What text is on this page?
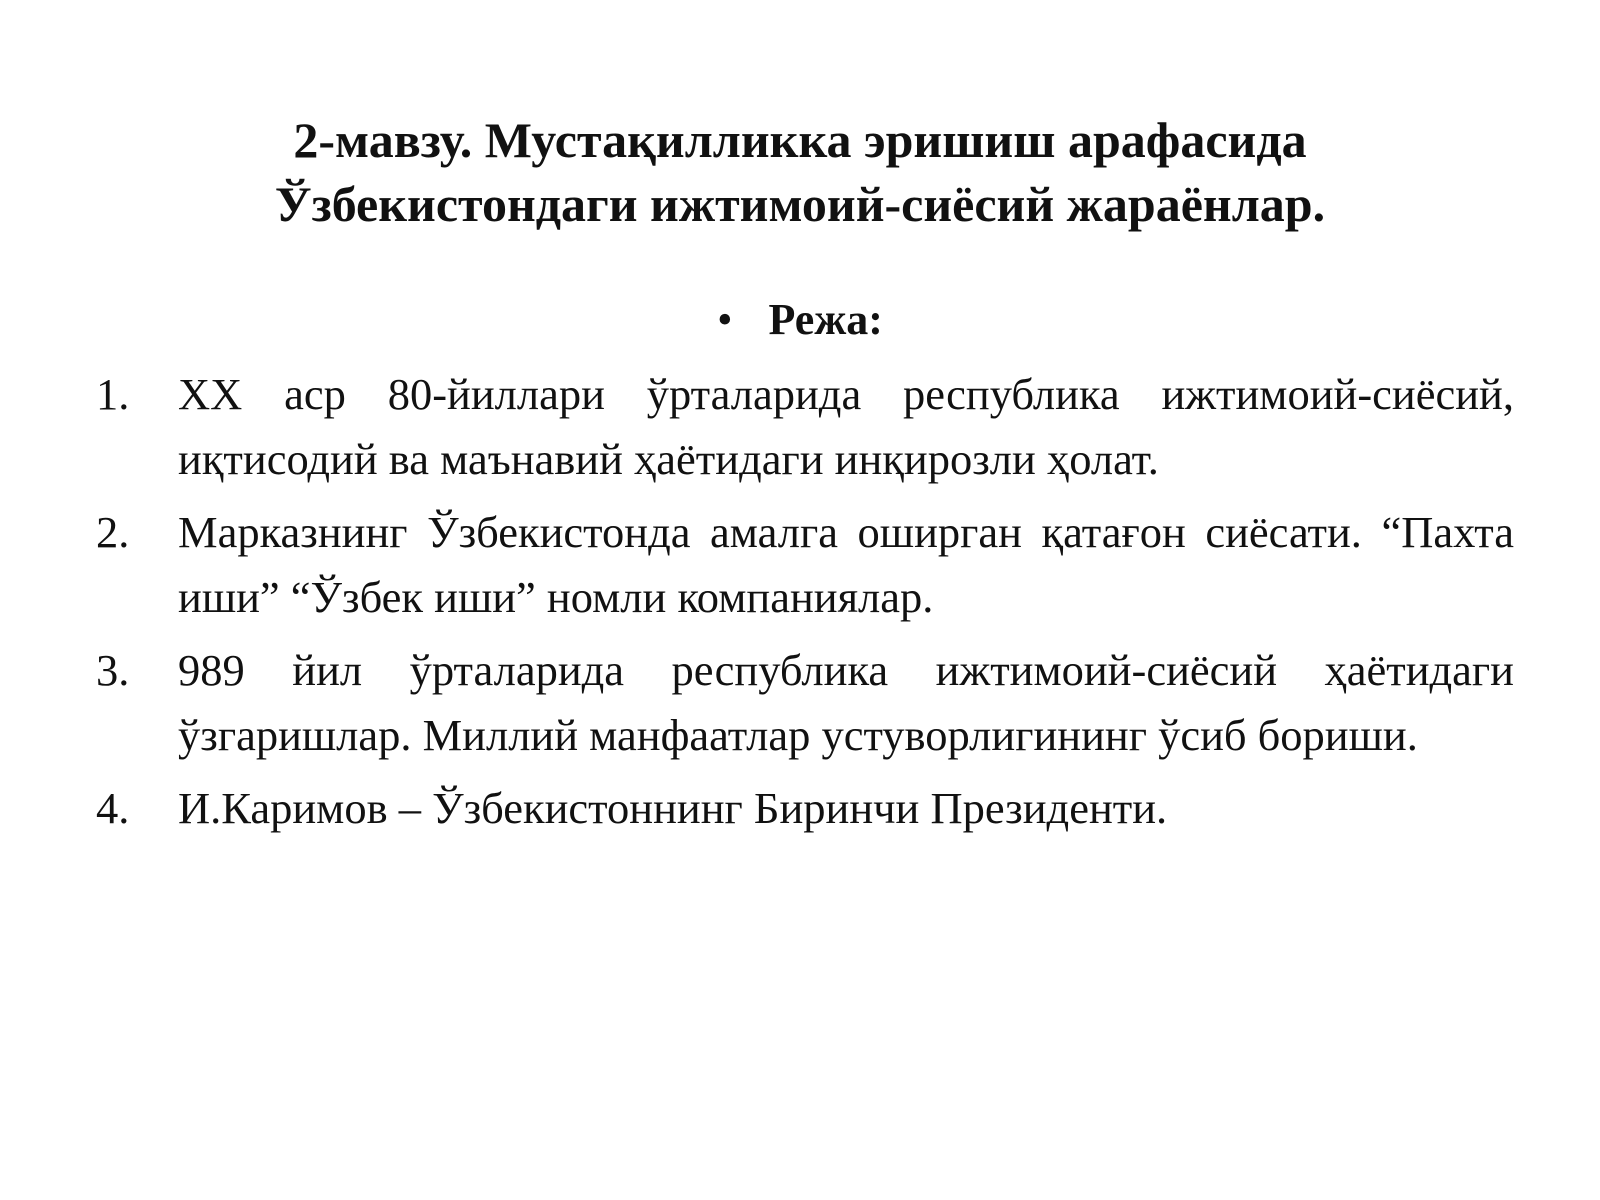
2-мавзу. Мустақилликка эришиш арафасида
Ўзбекистондаги ижтимоий-сиёсий жараёнлар.
• Режа:
1. XX аср 80-йиллари ўрталарида республика ижтимоий-сиёсий, иқтисодий ва маънавий ҳаётидаги инқирозли ҳолат.
2. Марказнинг Ўзбекистонда амалга оширган қатағон сиёсати. “Пахта иши” “Ўзбек иши” номли компаниялар.
3. 989 йил ўрталарида республика ижтимоий-сиёсий ҳаётидаги ўзгаришлар. Миллий манфаатлар устуворлигининг ўсиб бориши.
4. И.Каримов – Ўзбекистоннинг Биринчи Президенти.
